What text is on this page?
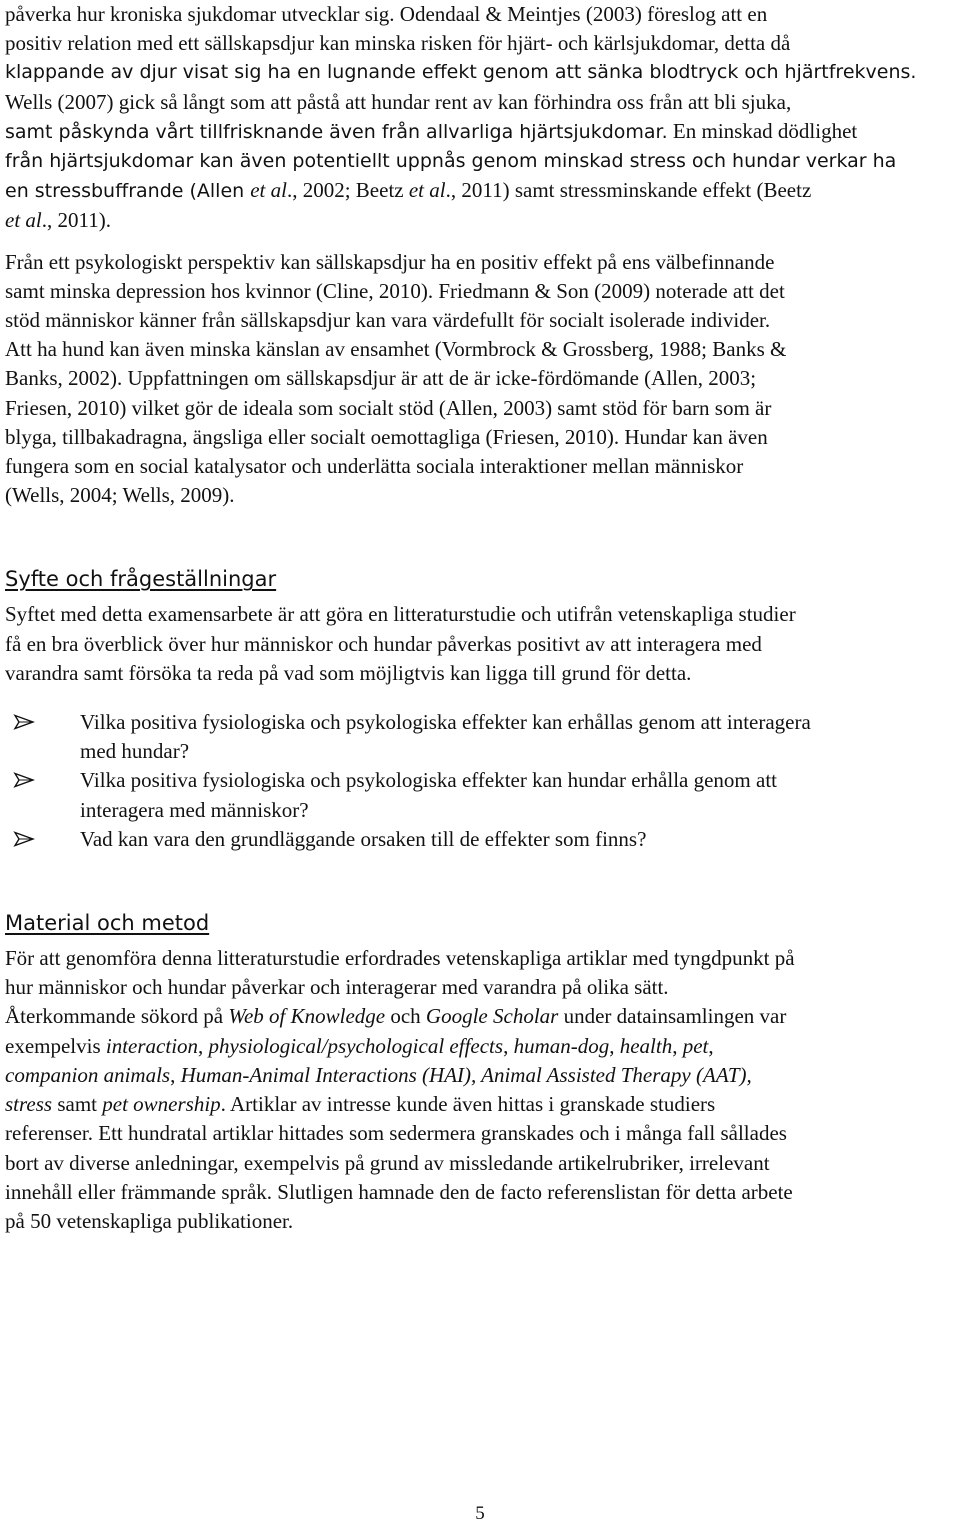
påverka hur kroniska sjukdomar utvecklar sig. Odendaal & Meintjes (2003) föreslog att en
positiv relation med ett sällskapsdjur kan minska risken för hjärt- och kärlsjukdomar, detta då
klappande av djur visat sig ha en lugnande effekt genom att sänka blodtryck och hjärtfrekvens.
Wells (2007) gick så långt som att påstå att hundar rent av kan förhindra oss från att bli sjuka,
samt påskynda vårt tillfrisknande även från allvarliga hjärtsjukdomar. En minskad dödlighet
från hjärtsjukdomar kan även potentiellt uppnås genom minskad stress och hundar verkar ha
en stressbuffrande (Allen et al., 2002; Beetz et al., 2011) samt stressminskande effekt (Beetz
et al., 2011).
Från ett psykologiskt perspektiv kan sällskapsdjur ha en positiv effekt på ens välbefinnande
samt minska depression hos kvinnor (Cline, 2010). Friedmann & Son (2009) noterade att det
stöd människor känner från sällskapsdjur kan vara värdefullt för socialt isolerade individer.
Att ha hund kan även minska känslan av ensamhet (Vormbrock & Grossberg, 1988; Banks &
Banks, 2002). Uppfattningen om sällskapsdjur är att de är icke-fördömande (Allen, 2003;
Friesen, 2010) vilket gör de ideala som socialt stöd (Allen, 2003) samt stöd för barn som är
blyga, tillbakadragna, ängsliga eller socialt oemottagliga (Friesen, 2010). Hundar kan även
fungera som en social katalysator och underlätta sociala interaktioner mellan människor
(Wells, 2004; Wells, 2009).
Syfte och frågeställningar
Syftet med detta examensarbete är att göra en litteraturstudie och utifrån vetenskapliga studier
få en bra överblick över hur människor och hundar påverkas positivt av att interagera med
varandra samt försöka ta reda på vad som möjligtvis kan ligga till grund för detta.
Vilka positiva fysiologiska och psykologiska effekter kan erhållas genom att interagera
med hundar?
Vilka positiva fysiologiska och psykologiska effekter kan hundar erhålla genom att
interagera med människor?
Vad kan vara den grundläggande orsaken till de effekter som finns?
Material och metod
För att genomföra denna litteraturstudie erfordrades vetenskapliga artiklar med tyngdpunkt på
hur människor och hundar påverkar och interagerar med varandra på olika sätt.
Återkommande sökord på Web of Knowledge och Google Scholar under datainsamlingen var
exempelvis interaction, physiological/psychological effects, human-dog, health, pet,
companion animals, Human-Animal Interactions (HAI), Animal Assisted Therapy (AAT),
stress samt pet ownership. Artiklar av intresse kunde även hittas i granskade studiers
referenser. Ett hundratal artiklar hittades som sedermera granskades och i många fall sållades
bort av diverse anledningar, exempelvis på grund av missledande artikelrubriker, irrelevant
innehåll eller främmande språk. Slutligen hamnade den de facto referenslistan för detta arbete
på 50 vetenskapliga publikationer.
5
